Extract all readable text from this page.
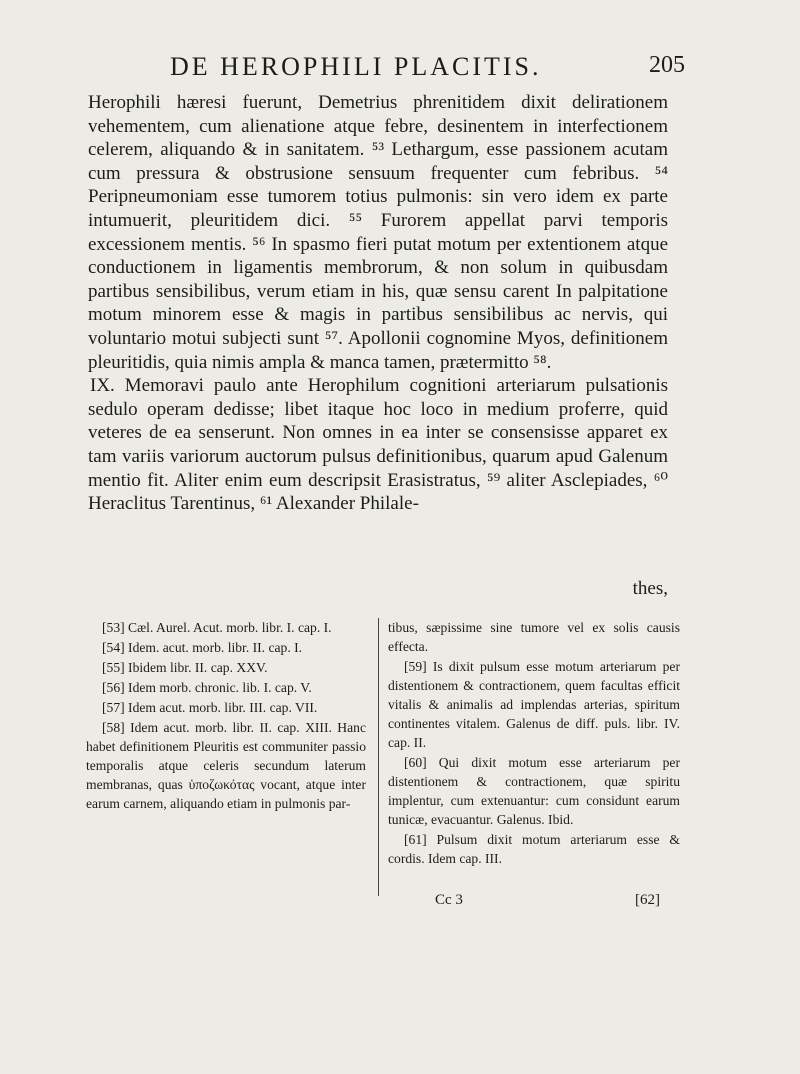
DE HEROPHILI PLACITIS.	205

Herophili hæresi fuerunt, Demetrius phrenitidem dixit delirationem vehementem, cum alienatione atque febre, desinentem in interfectionem celerem, aliquando & in sanitatem. ⁵³ Lethargum, esse passionem acutam cum pressura & obstrusione sensuum frequenter cum febribus. ⁵⁴ Peripneumoniam esse tumorem totius pulmonis: sin vero idem ex parte intumuerit, pleuritidem dici. ⁵⁵ Furorem appellat parvi temporis excessionem mentis. ⁵⁶ In spasmo fieri putat motum per extentionem atque conductionem in ligamentis membrorum, & non solum in quibusdam partibus sensibilibus, verum etiam in his, quæ sensu carent In palpitatione motum minorem esse & magis in partibus sensibilibus ac nervis, qui voluntario motui subjecti sunt ⁵⁷. Apollonii cognomine Myos, definitionem pleuritidis, quia nimis ampla & manca tamen, prætermitto ⁵⁸.

IX. Memoravi paulo ante Herophilum cognitioni arteriarum pulsationis sedulo operam dedisse; libet itaque hoc loco in medium proferre, quid veteres de ea senserunt. Non omnes in ea inter se consensisse apparet ex tam variis variorum auctorum pulsus definitionibus, quarum apud Galenum mentio fit. Aliter enim eum descripsit Erasistratus, ⁵⁹ aliter Asclepiades, ⁶⁰ Heraclitus Tarentinus, ⁶¹ Alexander Philale-

thes,

[53] Cæl. Aurel. Acut. morb. libr. I. cap. I.

[54] Idem. acut. morb. libr. II. cap. I.

[55] Ibidem libr. II. cap. XXV.

[56] Idem morb. chronic. lib. I. cap. V.

[57] Idem acut. morb. libr. III. cap. VII.

[58] Idem acut. morb. libr. II. cap. XIII. Hanc habet definitionem Pleuritis est communiter passio temporalis atque celeris secundum laterum membranas, quas ὑποζωκότας vocant, atque inter earum carnem, aliquando etiam in pulmonis par-

tibus, sæpissime sine tumore vel ex solis causis effecta.

[59] Is dixit pulsum esse motum arteriarum per distentionem & contractionem, quem facultas efficit vitalis & animalis ad implendas arterias, spiritum continentes vitalem. Galenus de diff. puls. libr. IV. cap. II.

[60] Qui dixit motum esse arteriarum per distentionem & contractionem, quæ spiritu implentur, cum extenuantur: cum considunt earum tunicæ, evacuantur. Galenus. Ibid.

[61] Pulsum dixit motum arteriarum esse & cordis. Idem cap. III.

Cc 3	[62]
